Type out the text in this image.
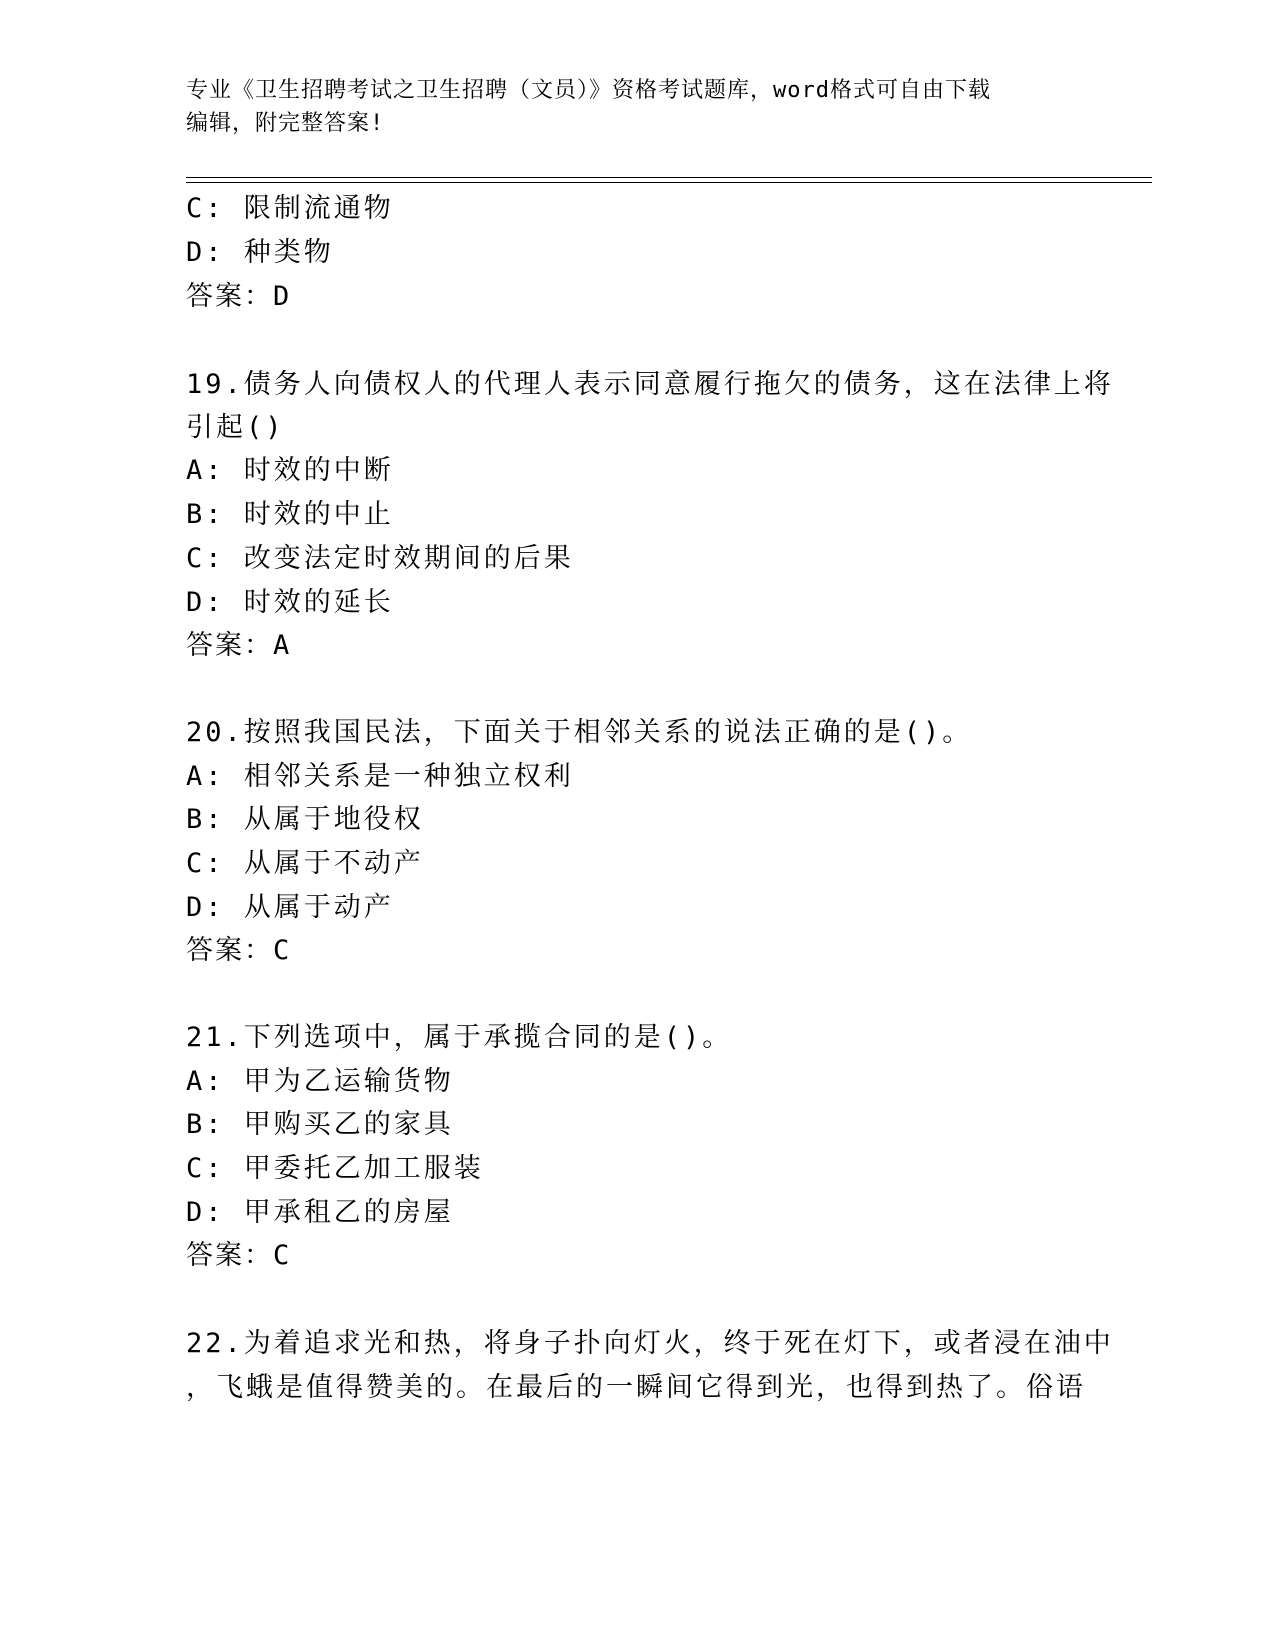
专业《卫生招聘考试之卫生招聘（文员）》资格考试题库，word格式可自由下载
编辑，附完整答案!
C: 限制流通物
D: 种类物
答案：D
19.债务人向债权人的代理人表示同意履行拖欠的债务，这在法律上将
引起()
A: 时效的中断
B: 时效的中止
C: 改变法定时效期间的后果
D: 时效的延长
答案：A
20.按照我国民法，下面关于相邻关系的说法正确的是()。
A: 相邻关系是一种独立权利
B: 从属于地役权
C: 从属于不动产
D: 从属于动产
答案：C
21.下列选项中，属于承揽合同的是()。
A: 甲为乙运输货物
B: 甲购买乙的家具
C: 甲委托乙加工服装
D: 甲承租乙的房屋
答案：C
22.为着追求光和热，将身子扑向灯火，终于死在灯下，或者浸在油中
，飞蛾是值得赞美的。在最后的一瞬间它得到光，也得到热了。俗语
